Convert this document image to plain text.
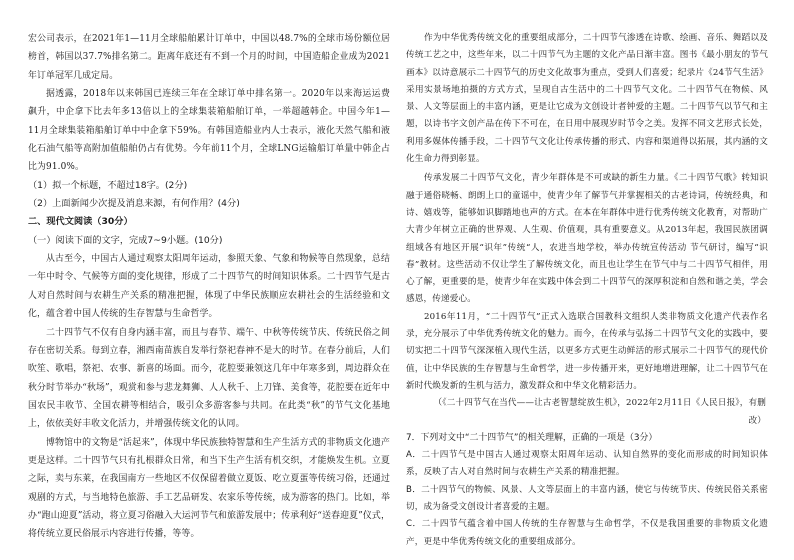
宏公司表示，在2021年1—11月全球船舶累计订单中，中国以48.7%的全球市场份额位居榜首，韩国以37.7%排名第二。距离年底还有不到一个月的时间，中国造船企业成为2021年订单冠军几成定局。

据透露，2018年以来韩国已连续三年在全球订单中排名第一。2020年以来海运运费飙升，中企拿下比去年多13倍以上的全球集装箱船舶订单，一举超越韩企。中国今年1—11月全球集装箱船舶订单中中企拿下59%。有韩国造船业内人士表示，液化天然气船和液化石油气船等高附加值船舶仍占有优势。今年前11个月，全球LNG运输船订单量中韩企占比为91.0%。

（1）拟一个标题，不超过18字。(2分)

（2）上面新闻少次提及消息来源，有何作用？(4分)

二、现代文阅读（30分）

（一）阅读下面的文字，完成7~9小题。(10分)

从古至今，中国古人通过观察太阳周年运动，参照天象、气象和物候等自然现象，总结一年中时令、气候等方面的变化规律，形成了二十四节气的时间知识体系。二十四节气是古人对自然时间与农耕生产关系的精准把握，体现了中华民族顺应农耕社会的生活经验和文化，蕴含着中国人传统的生存智慧与生命哲学。

二十四节气不仅有自身内涵丰富，而且与春节、端午、中秋等传统节庆、传统民俗之间存在密切关系。每到立春，湘西南苗族自发举行祭祀春神不是大的时节。在春分前后，人们吹笙、歌唱，祭祀、农事、新喜的场面。而今，花腔要兼领这几年中年寒多到，周边群众在秋分时节举办“秋场”，观赏和参与悲龙舞狮、人人秋千、上刀锋、美食等，花腔要在近年中国农民丰收节、全国农耕等相结合，吸引众多游客参与共同。在此类“秋”的节气文化基地上，依依美好丰收文化活力，并增强传统文化的认同。

博物馆中的文物是“活起来”，体现中华民族独特智慧和生产生活方式的非物质文化遗产更是这样。二十四节气只有扎根群众日常，和当下生产生活有机交织，才能焕发生机。立夏之际，卖与东莱，在我国南方一些地区不仅保留着做立夏饭、吃立夏蛋等传统习俗，还通过观剧的方式，与当地特色旅游、手工艺品研发、农家乐等传统，成为游客的热门。比如，举办“跑山迎夏”活动，将立夏习俗融入大运河节气和旅游发展中；传承利好“送春迎夏”仪式，将传统立夏民俗展示内容进行传播，等等。

作为中华优秀传统文化的重要组成部分，二十四节气渗透在诗歌、绘画、音乐、舞蹈以及传统工艺之中，这些年来，以二十四节气为主题的文化产品日渐丰富。图书《最小朋友的节气画本》以诗意展示二十四节气的历史文化故事为重点，受到人们喜爱；纪录片《24节气生活》采用实景场地拍摄的方式方式，呈现自古生活中的二十四节气文化。二十四节气在物候、风景、人文等层面上的丰富内涵，更是让它成为文创设计者钟爱的主题。二十四节气以节气和主题，以诗书字文创产品在传下不可在，在日用中展现岁时节令之美。发挥不同文艺形式长处，利用多媒体传播手段，二十四节气文化让传承传播的形式、内容和渠道得以拓展，其内涵的文化生命力得到彰显。

传承发展二十四节气文化，青少年群体是不可或缺的新生力量。《二十四节气歌》转知识融于通俗晓畅、朗朗上口的童谣中，使青少年了解节气并掌握相关的古老诗词，传统经典，和诗、嬉戏等，能够如识脚踏地也声的方式。在本在年群体中进行优秀传统文化教育，对帮助广大青少年树立正确的世界观、人生观、价值观，具有重要意义。从2013年起，我国民族团调组域各有地区开展“识年”传统“人，农进当地学校，举办传统宣传活动 节气研讨，编写“识春”教材。这些活动不仅让学生了解传统文化，而且也让学生在节气中与二十四节气相伴，用心了解，更重要的是，使青少年在实践中体会到二十四节气的深厚积淀和自然和谐之美，学会感恩，传递爱心。

2016年11月，“二十四节气”正式入选联合国教科文组织人类非物质文化遗产代表作名录，充分展示了中华优秀传统文化的魅力。而今，在传承与弘扬二十四节气文化的实践中，要切实把二十四节气深深植入现代生活，以更多方式更生动鲜活的形式展示二十四节气的现代价值，让中华民族的生存智慧与生命哲学，进一步传播开来，更好地增进理解，让二十四节气在新时代焕发新的生机与活力，激发群众和中华文化精彩活力。

（《二十四节气在当代——让古老智慧绽放生机》，2022年2月11日《人民日报》，有删改）

7．下列对文中“二十四节气”的相关理解，正确的一项是（3分）

A．二十四节气是中国古人通过观察太阳周年运动、认知自然界的变化而形成的时间知识体系，反映了古人对自然时间与农耕生产关系的精准把握。

B．二十四节气的物候、风景、人文等层面上的丰富内涵，使它与传统节庆、传统民俗关系密切，成为备受文创设计者喜爱的主题。

C．二十四节气蕴含着中国人传统的生存智慧与生命哲学，不仅是我国重要的非物质文化遗产，更是中华优秀传统文化的重要组成部分。
